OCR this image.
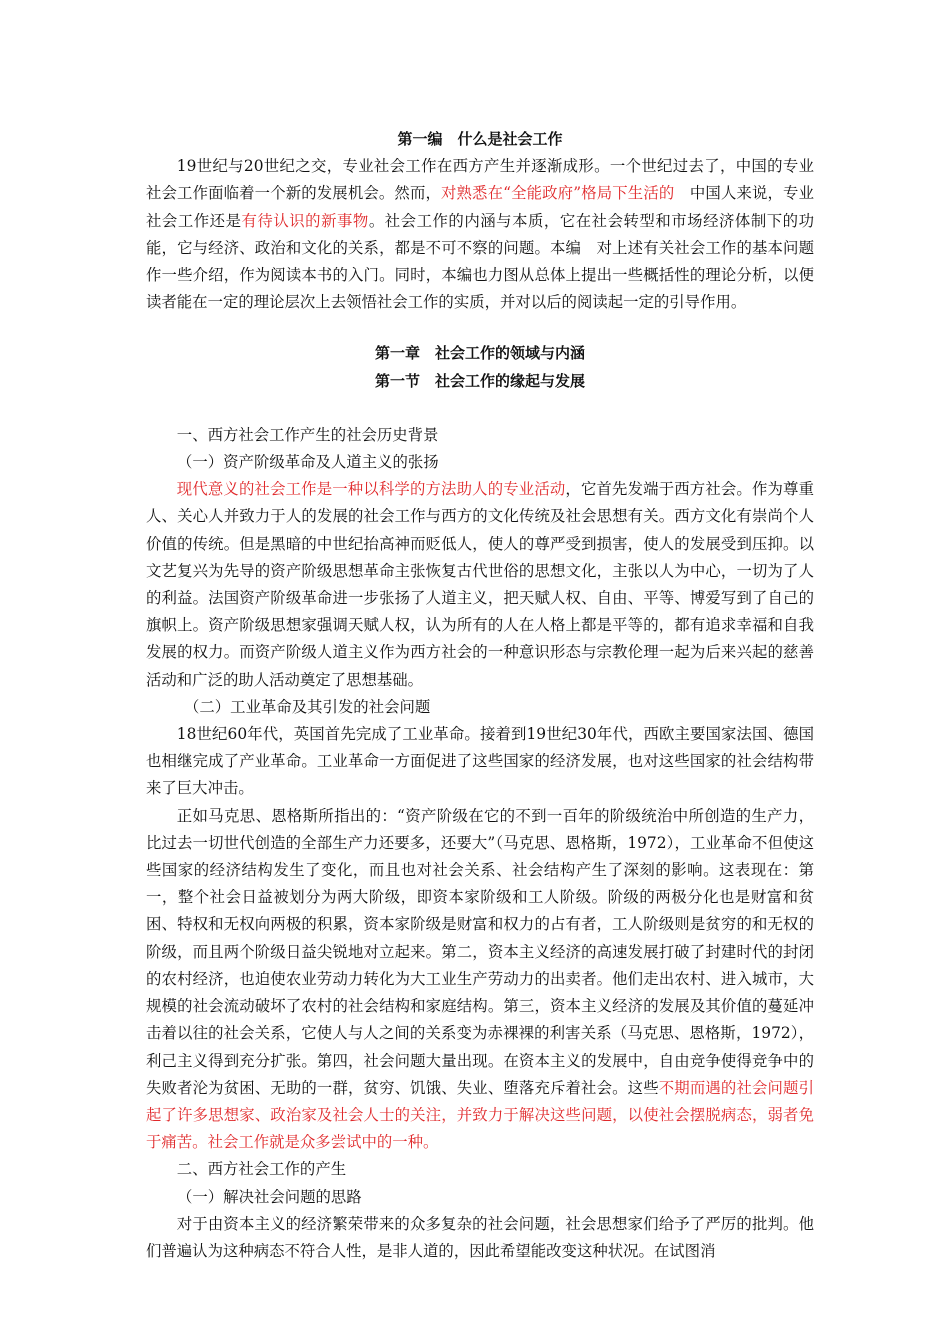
第一编　什么是社会工作

19世纪与20世纪之交，专业社会工作在西方产生并逐渐成形。一个世纪过去了，中国的专业社会工作面临着一个新的发展机会。然而，对熟悉在“全能政府”格局下生活的　中国人来说，专业社会工作还是有待认识的新事物。社会工作的内涵与本质，它在社会转型和市场经济体制下的功能，它与经济、政治和文化的关系，都是不可不察的问题。本编　对上述有关社会工作的基本问题作一些介绍，作为阅读本书的入门。同时，本编也力图从总体上提出一些概括性的理论分析，以便读者能在一定的理论层次上去领悟社会工作的实质，并对以后的阅读起一定的引导作用。

第一章　社会工作的领域与内涵

第一节　社会工作的缘起与发展

一、西方社会工作产生的社会历史背景

（一）资产阶级革命及人道主义的张扬

现代意义的社会工作是一种以科学的方法助人的专业活动，它首先发端于西方社会。作为尊重人、关心人并致力于人的发展的社会工作与西方的文化传统及社会思想有关。西方文化有崇尚个人价值的传统。但是黑暗的中世纪抬高神而贬低人，使人的尊严受到损害，使人的发展受到压抑。以文艺复兴为先导的资产阶级思想革命主张恢复古代世俗的思想文化，主张以人为中心，一切为了人的利益。法国资产阶级革命进一步张扬了人道主义，把天赋人权、自由、平等、博爱写到了自己的旗帜上。资产阶级思想家强调天赋人权，认为所有的人在人格上都是平等的，都有追求幸福和自我发展的权力。而资产阶级人道主义作为西方社会的一种意识形态与宗教伦理一起为后来兴起的慈善活动和广泛的助人活动奠定了思想基础。

（二）工业革命及其引发的社会问题

18世纪60年代，英国首先完成了工业革命。接着到19世纪30年代，西欧主要国家法国、德国也相继完成了产业革命。工业革命一方面促进了这些国家的经济发展，也对这些国家的社会结构带来了巨大冲击。

正如马克思、恩格斯所指出的：“资产阶级在它的不到一百年的阶级统治中所创造的生产力，比过去一切世代创造的全部生产力还要多，还要大”（马克思、恩格斯，1972），工业革命不但使这些国家的经济结构发生了变化，而且也对社会关系、社会结构产生了深刻的影响。这表现在：第一，整个社会日益被划分为两大阶级，即资本家阶级和工人阶级。阶级的两极分化也是财富和贫困、特权和无权向两极的积累，资本家阶级是财富和权力的占有者，工人阶级则是贫穷的和无权的阶级，而且两个阶级日益尖锐地对立起来。第二，资本主义经济的高速发展打破了封建时代的封闭的农村经济，也迫使农业劳动力转化为大工业生产劳动力的出卖者。他们走出农村、进入城市，大规模的社会流动破坏了农村的社会结构和家庭结构。第三，资本主义经济的发展及其价值的蔓延冲击着以往的社会关系，它使人与人之间的关系变为赤裸裸的利害关系（马克思、恩格斯，1972），利己主义得到充分扩张。第四，社会问题大量出现。在资本主义的发展中，自由竞争使得竞争中的失败者沦为贫困、无助的一群，贫穷、饥饿、失业、堕落充斥着社会。这些不期而遇的社会问题引起了许多思想家、政治家及社会人士的关注，并致力于解决这些问题，以使社会摆脱病态，弱者免于痛苦。社会工作就是众多尝试中的一种。

二、西方社会工作的产生

（一）解决社会问题的思路

对于由资本主义的经济繁荣带来的众多复杂的社会问题，社会思想家们给予了严厉的批判。他们普遍认为这种病态不符合人性，是非人道的，因此希望能改变这种状况。在试图消
